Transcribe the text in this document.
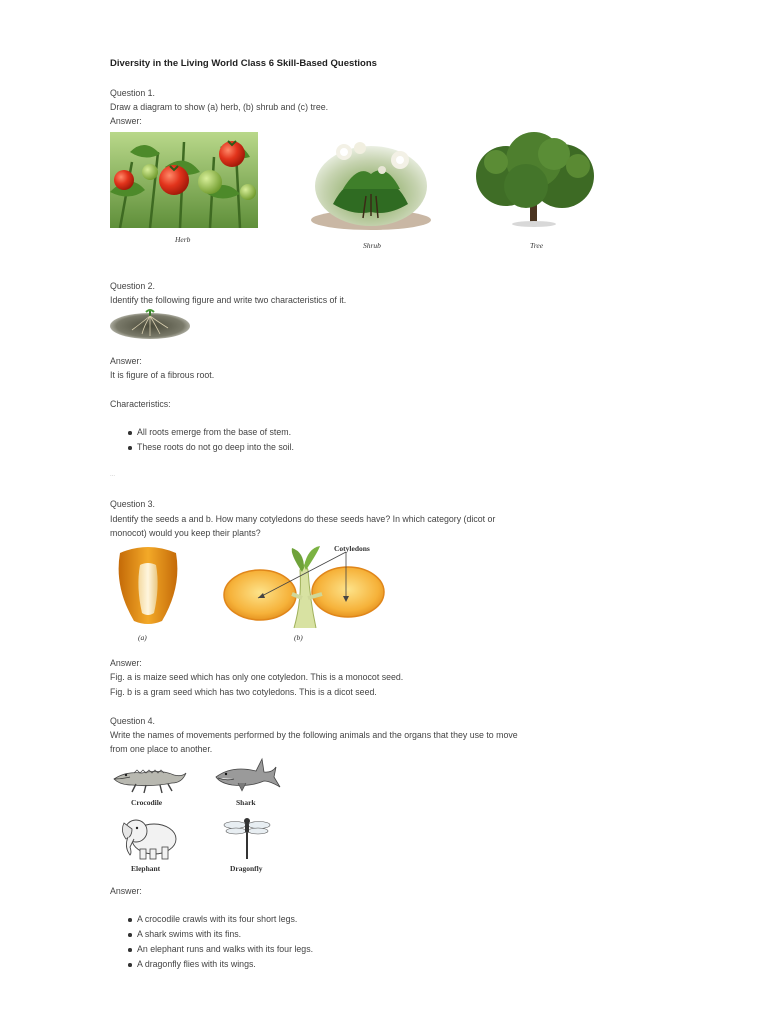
Diversity in the Living World Class 6 Skill-Based Questions
Question 1.
Draw a diagram to show (a) herb, (b) shrub and (c) tree.
Answer:
Herb
Shrub	Tree
Question 2.
Identify the following figure and write two characteristics of it.
Answer:
It is figure of a fibrous root.
Characteristics:
All roots emerge from the base of stem.
These roots do not go deep into the soil.
...
Question 3.
Identify the seeds a and b. How many cotyledons do these seeds have? In which category (dicot or
monocot) would you keep their plants?
(a)
Cotyledons
(b)
Answer:
Fig. a is maize seed which has only one cotyledon. This is a monocot seed.
Fig. b is a gram seed which has two cotyledons. This is a dicot seed.
Question 4.
Write the names of movements performed by the following animals and the organs that they use to move
from one place to another.
Crocodile	Shark
Elephant	Dragonfly
Answer:
A crocodile crawls with its four short legs.
A shark swims with its fins.
An elephant runs and walks with its four legs.
A dragonfly flies with its wings.
